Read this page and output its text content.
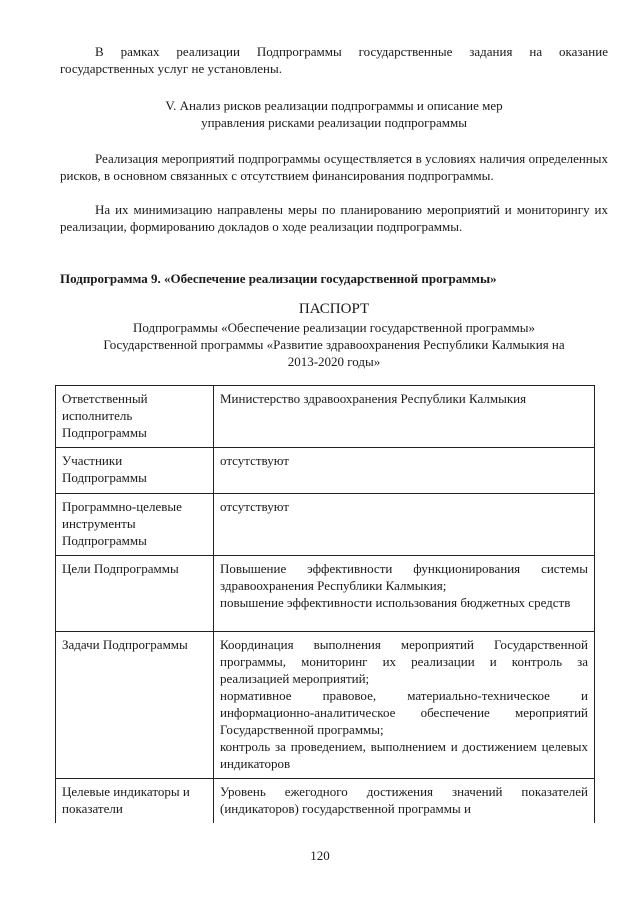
В рамках реализации Подпрограммы государственные задания на оказание государственных услуг не установлены.

V. Анализ рисков реализации подпрограммы и описание мер
управления рисками реализации подпрограммы

Реализация мероприятий подпрограммы осуществляется в условиях наличия определенных рисков, в основном связанных с отсутствием финансирования подпрограммы.

На их минимизацию направлены меры по планированию мероприятий и мониторингу их реализации, формированию докладов о ходе реализации подпрограммы.

Подпрограмма 9. «Обеспечение реализации государственной программы»

ПАСПОРТ
Подпрограммы «Обеспечение реализации государственной программы»
Государственной программы «Развитие здравоохранения Республики Калмыкия на
2013-2020 годы»
Ответственный исполнитель Подпрограммы	Министерство здравоохранения Республики Калмыкия

Участники Подпрограммы	отсутствуют

Программно-целевые инструменты Подпрограммы	отсутствуют

Цели Подпрограммы	Повышение эффективности функционирования системы здравоохранения Республики Калмыкия;
повышение эффективности использования бюджетных средств

Задачи Подпрограммы	Координация выполнения мероприятий Государственной программы, мониторинг их реализации и контроль за реализацией мероприятий;
нормативное правовое, материально-техническое и информационно-аналитическое обеспечение мероприятий Государственной программы;
контроль за проведением, выполнением и достижением целевых индикаторов

Целевые индикаторы и показатели	Уровень ежегодного достижения значений показателей (индикаторов) государственной программы и
120
